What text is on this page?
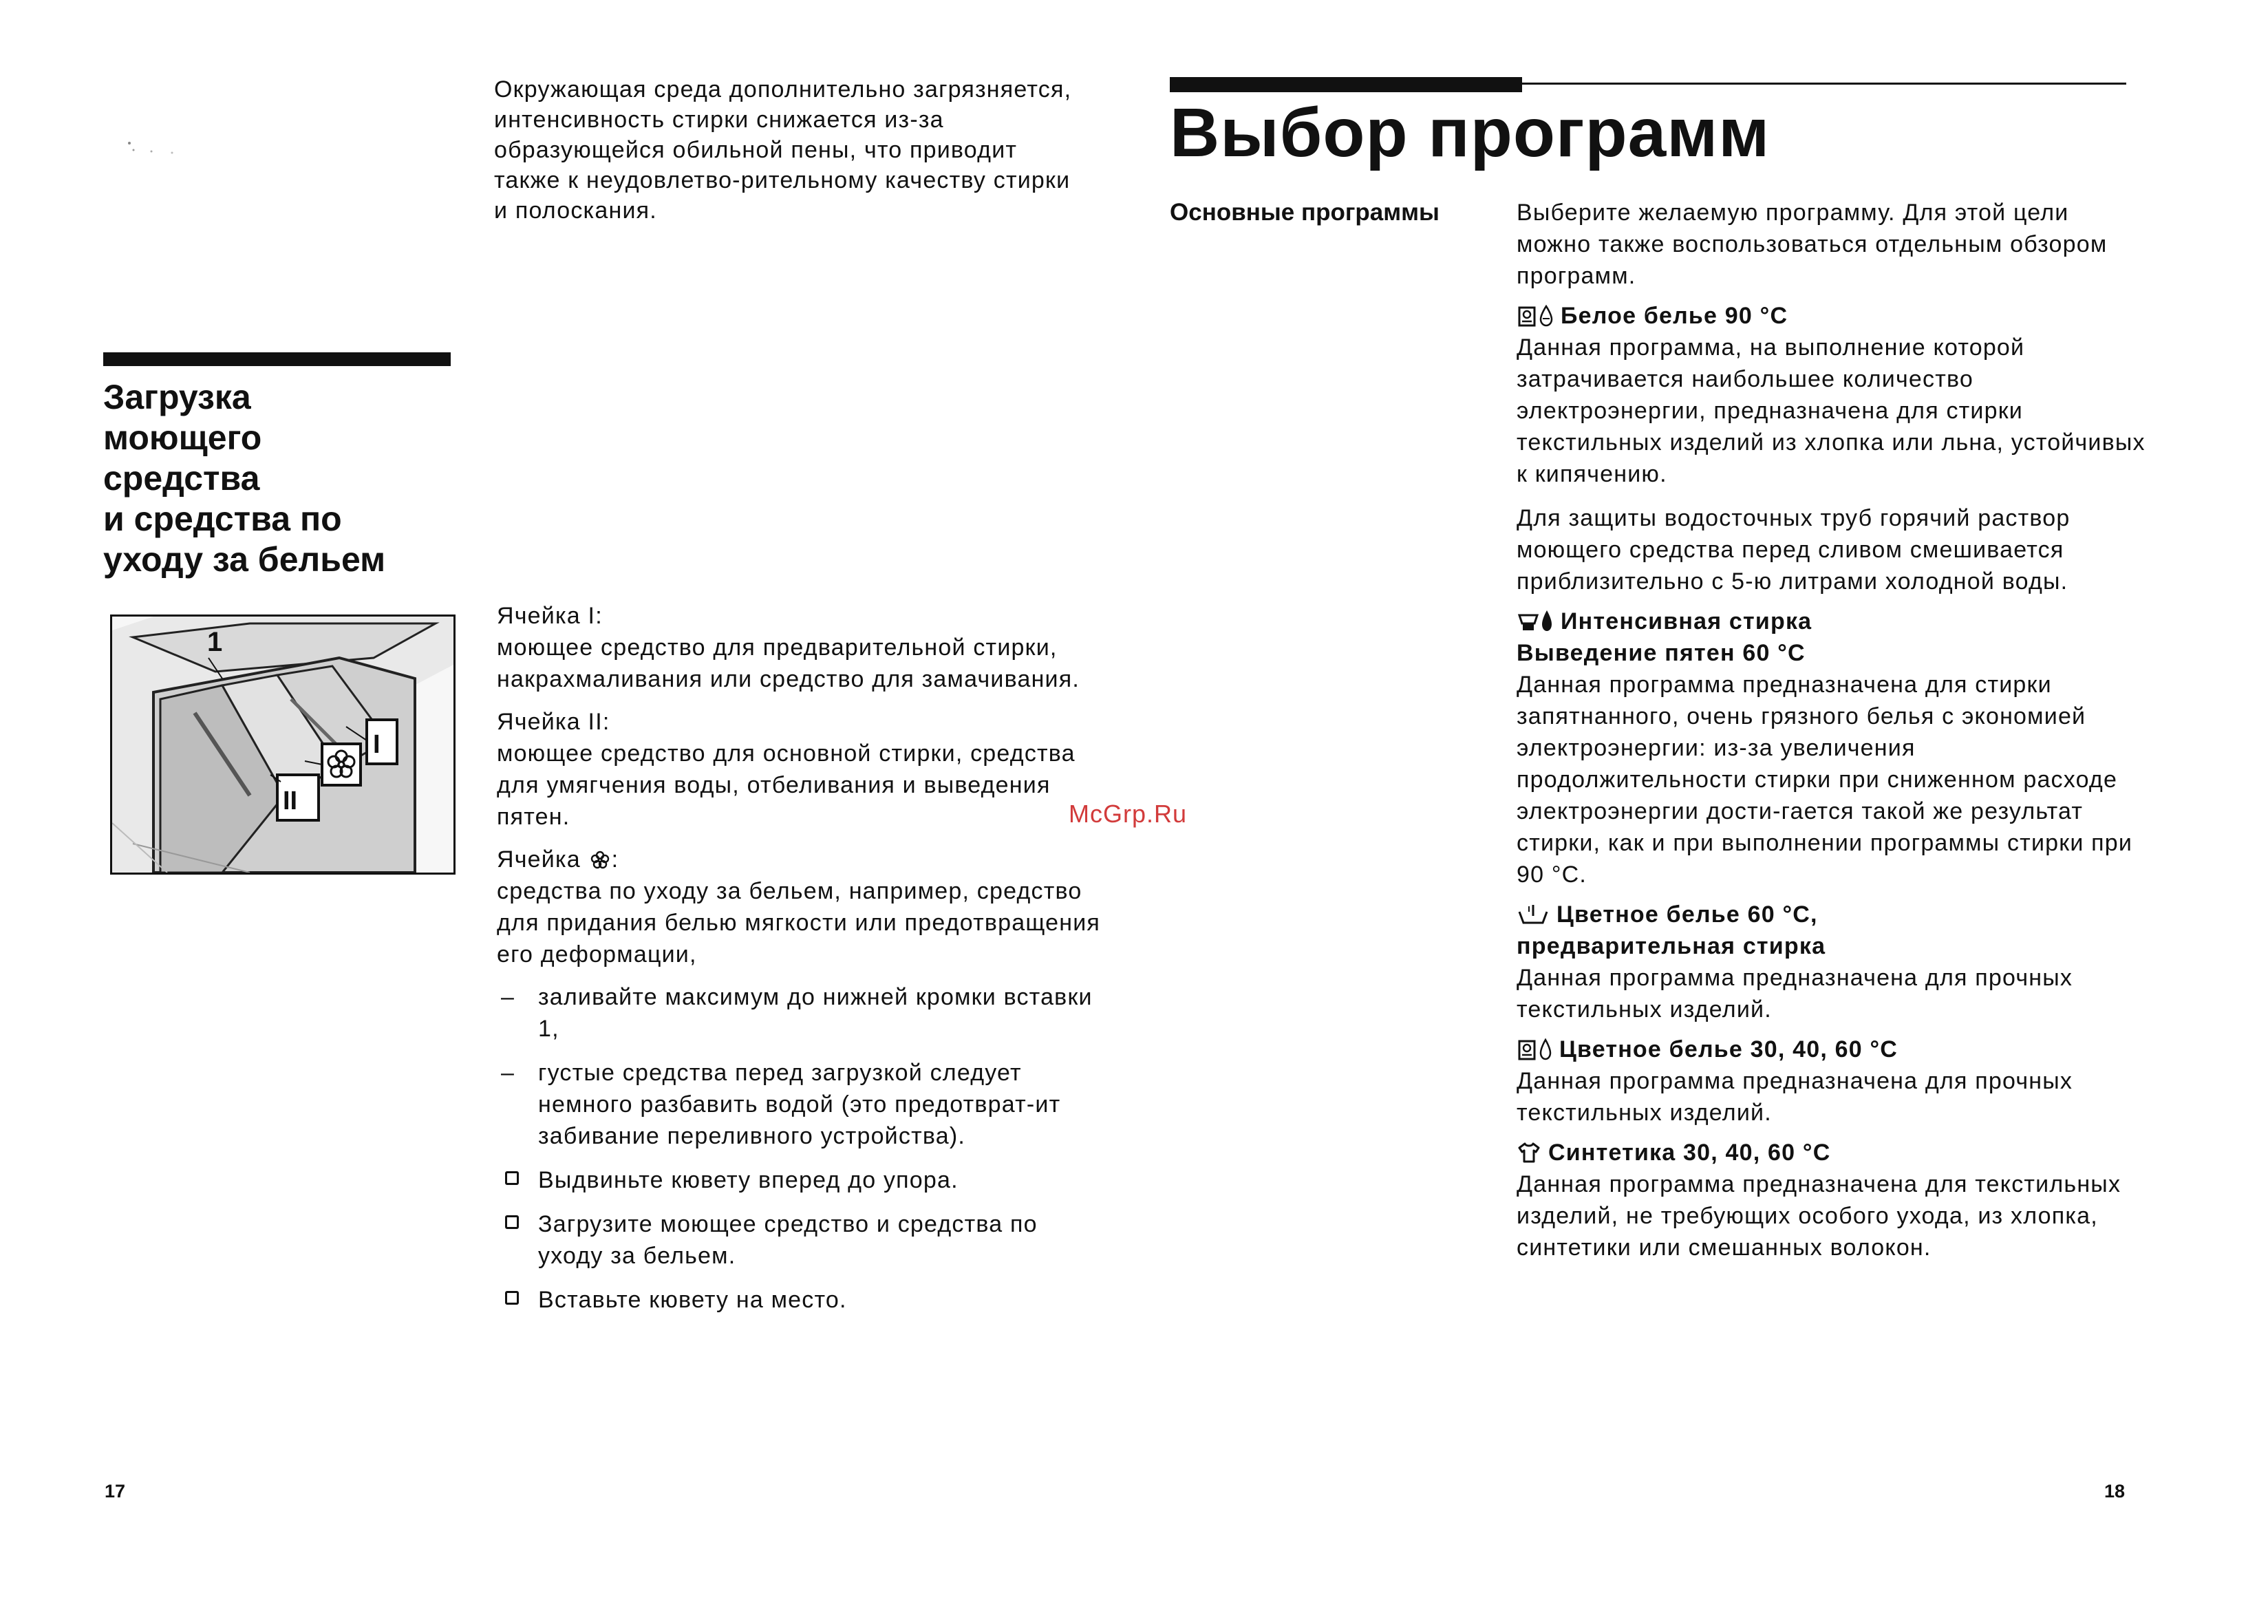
Окружающая среда дополнительно загрязняется, интенсивность стирки снижается из-за образующейся обильной пены, что приводит также к неудовлетво-рительному качеству стирки и полоскания.

Загрузка
моющего
средства
и средства по
уходу за бельем
1
I
II

Ячейка I:

моющее средство для предварительной стирки, накрахмаливания или средство для замачивания.

Ячейка II:

моющее средство для основной стирки, средства для умягчения воды, отбеливания и выведения пятен.

Ячейка :

средства по уходу за бельем, например, средство для придания белью мягкости или предотвращения его деформации,

– заливайте максимум до нижней кромки вставки 1,
– густые средства перед загрузкой следует немного разбавить водой (это предотврат-ит забивание переливного устройства).
Выдвиньте кювету вперед до упора.
Загрузите моющее средство и средства по уходу за бельем.
Вставьте кювету на место.
17
McGrp.Ru
Выбор программ
Основные программы	Выберите желаемую программу. Для этой цели можно также воспользоваться отдельным обзором программ.

Белое белье 90 °C

Данная программа, на выполнение которой затрачивается наибольшее количество электроэнергии, предназначена для стирки текстильных изделий из хлопка или льна, устойчивых к кипячению.

Для защиты водосточных труб горячий раствор моющего средства перед сливом смешивается приблизительно с 5-ю литрами холодной воды.

Интенсивная стирка
Выведение пятен 60 °C

Данная программа предназначена для стирки запятнанного, очень грязного белья с экономией электроэнергии: из-за увеличения продолжительности стирки при сниженном расходе электроэнергии дости-гается такой же результат стирки, как и при выполнении программы стирки при 90 °C.

Цветное белье 60 °C,
предварительная стирка

Данная программа предназначена для прочных текстильных изделий.

Цветное белье 30, 40, 60 °C

Данная программа предназначена для прочных текстильных изделий.

Синтетика 30, 40, 60 °C

Данная программа предназначена для текстильных изделий, не требующих особого ухода, из хлопка, синтетики или смешанных волокон.

18
